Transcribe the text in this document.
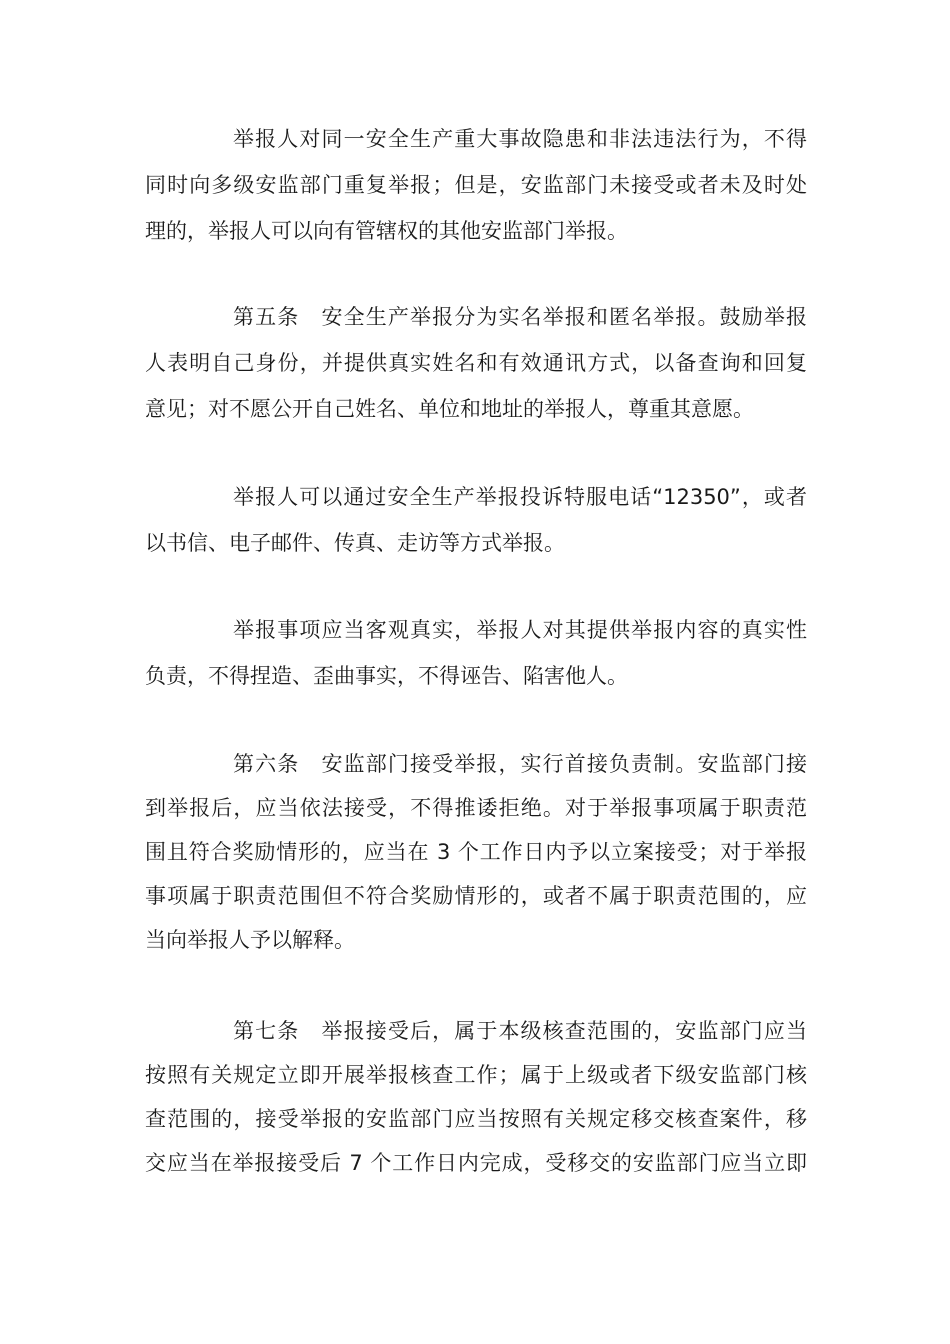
举报人对同一安全生产重大事故隐患和非法违法行为，不得
同时向多级安监部门重复举报；但是，安监部门未接受或者未及时处
理的，举报人可以向有管辖权的其他安监部门举报。
第五条　安全生产举报分为实名举报和匿名举报。鼓励举报
人表明自己身份，并提供真实姓名和有效通讯方式，以备查询和回复
意见；对不愿公开自己姓名、单位和地址的举报人，尊重其意愿。
举报人可以通过安全生产举报投诉特服电话“12350”，或者
以书信、电子邮件、传真、走访等方式举报。
举报事项应当客观真实，举报人对其提供举报内容的真实性
负责，不得捏造、歪曲事实，不得诬告、陷害他人。
第六条　安监部门接受举报，实行首接负责制。安监部门接
到举报后，应当依法接受，不得推诿拒绝。对于举报事项属于职责范
围且符合奖励情形的，应当在 3 个工作日内予以立案接受；对于举报
事项属于职责范围但不符合奖励情形的，或者不属于职责范围的，应
当向举报人予以解释。
第七条　举报接受后，属于本级核查范围的，安监部门应当
按照有关规定立即开展举报核查工作；属于上级或者下级安监部门核
查范围的，接受举报的安监部门应当按照有关规定移交核查案件，移
交应当在举报接受后 7 个工作日内完成，受移交的安监部门应当立即
